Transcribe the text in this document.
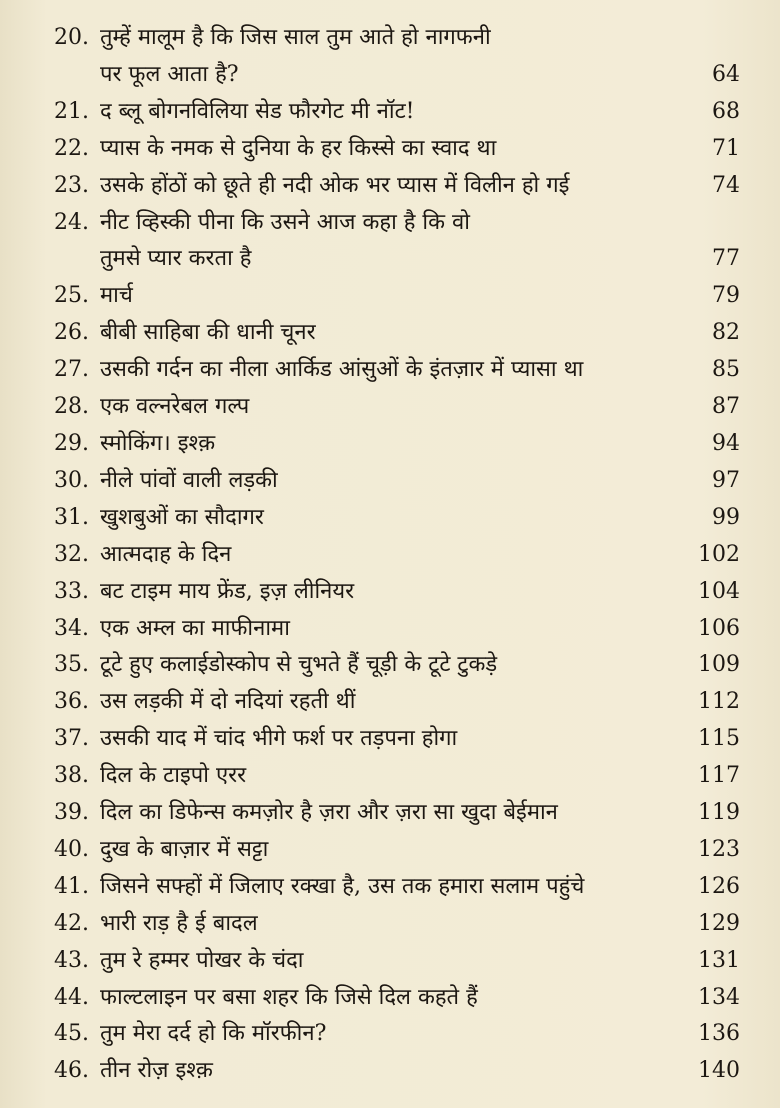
20. तुम्हें मालूम है कि जिस साल तुम आते हो नागफनी
पर फूल आता है?	64
21. द ब्लू बोगनविलिया सेड फौरगेट मी नॉट!	68
22. प्यास के नमक से दुनिया के हर किस्से का स्वाद था	71
23. उसके होंठों को छूते ही नदी ओक भर प्यास में विलीन हो गई	74
24. नीट व्हिस्की पीना कि उसने आज कहा है कि वो
तुमसे प्यार करता है	77
25. मार्च	79
26. बीबी साहिबा की धानी चूनर	82
27. उसकी गर्दन का नीला आर्किड आंसुओं के इंतज़ार में प्यासा था	85
28. एक वल्नरेबल गल्प	87
29. स्मोकिंग। इश्क़	94
30. नीले पांवों वाली लड़की	97
31. खुशबुओं का सौदागर	99
32. आत्मदाह के दिन	102
33. बट टाइम माय फ्रेंड, इज़ लीनियर	104
34. एक अम्ल का माफीनामा	106
35. टूटे हुए कलाईडोस्कोप से चुभते हैं चूड़ी के टूटे टुकड़े	109
36. उस लड़की में दो नदियां रहती थीं	112
37. उसकी याद में चांद भीगे फर्श पर तड़पना होगा	115
38. दिल के टाइपो एरर	117
39. दिल का डिफेन्स कमज़ोर है ज़रा और ज़रा सा खुदा बेईमान	119
40. दुख के बाज़ार में सट्टा	123
41. जिसने सफ्हों में जिलाए रक्खा है, उस तक हमारा सलाम पहुंचे	126
42. भारी राड़ है ई बादल	129
43. तुम रे हम्मर पोखर के चंदा	131
44. फाल्टलाइन पर बसा शहर कि जिसे दिल कहते हैं	134
45. तुम मेरा दर्द हो कि मॉरफीन?	136
46. तीन रोज़ इश्क़	140
